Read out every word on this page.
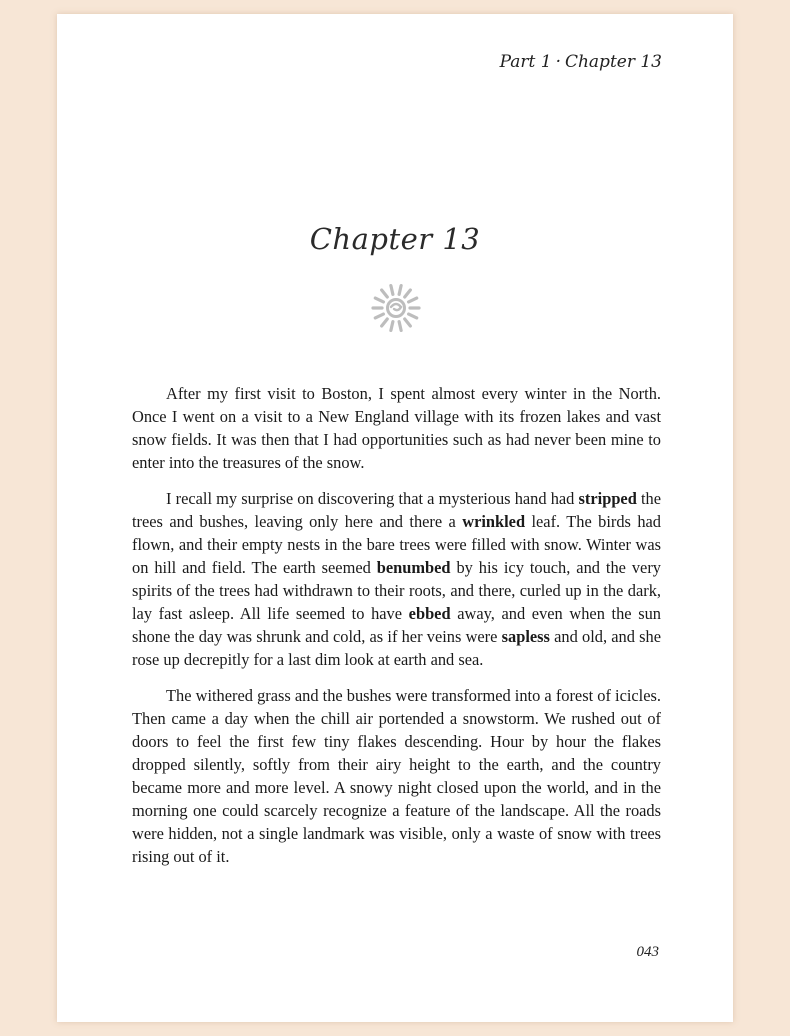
Part 1 · Chapter 13
Chapter 13

After my first visit to Boston, I spent almost every winter in the North. Once I went on a visit to a New England village with its frozen lakes and vast snow fields. It was then that I had opportunities such as had never been mine to enter into the treasures of the snow.

I recall my surprise on discovering that a mysterious hand had stripped the trees and bushes, leaving only here and there a wrinkled leaf. The birds had flown, and their empty nests in the bare trees were filled with snow. Winter was on hill and field. The earth seemed benumbed by his icy touch, and the very spirits of the trees had withdrawn to their roots, and there, curled up in the dark, lay fast asleep. All life seemed to have ebbed away, and even when the sun shone the day was shrunk and cold, as if her veins were sapless and old, and she rose up decrepitly for a last dim look at earth and sea.

The withered grass and the bushes were transformed into a forest of icicles. Then came a day when the chill air portended a snowstorm. We rushed out of doors to feel the first few tiny flakes descending. Hour by hour the flakes dropped silently, softly from their airy height to the earth, and the country became more and more level. A snowy night closed upon the world, and in the morning one could scarcely recognize a feature of the landscape. All the roads were hidden, not a single landmark was visible, only a waste of snow with trees rising out of it.

043
